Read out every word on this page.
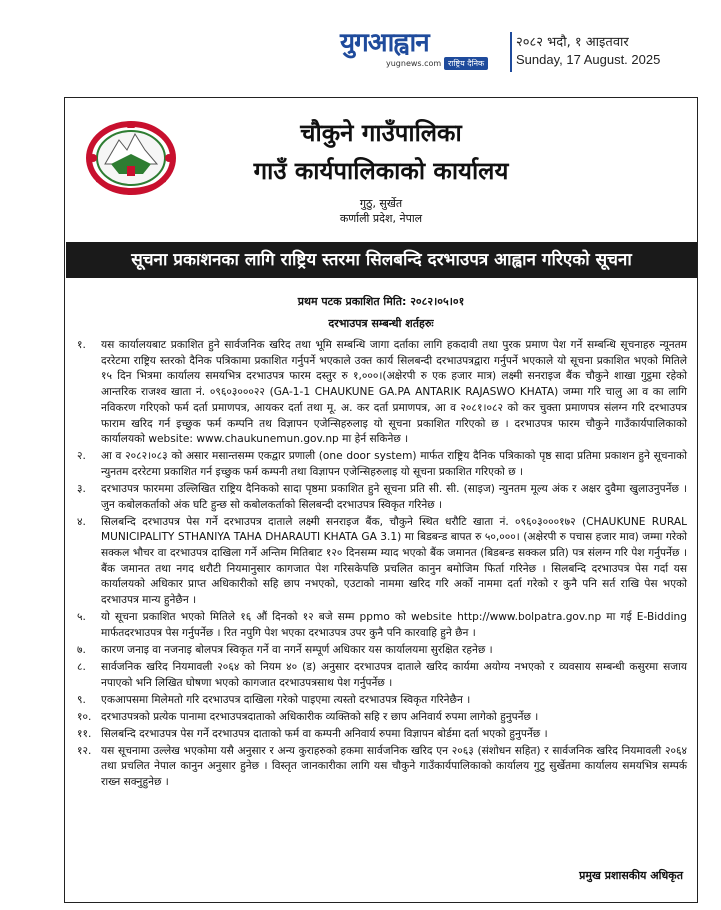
युगआह्वान
yugnews.com राष्ट्रिय दैनिक
२०८२ भदौ, १ आइतवार
Sunday, 17 August. 2025
चौकुने गाउँपालिका
गाउँ कार्यपालिकाको कार्यालय
गुठु, सुर्खेत
कर्णाली प्रदेश, नेपाल
सूचना प्रकाशनका लागि राष्ट्रिय स्तरमा सिलबन्दि दरभाउपत्र आह्वान गरिएको सूचना
प्रथम पटक प्रकाशित मिति: २०८२।०५।०१
दरभाउपत्र सम्बन्धी शर्तहरुः
१.	यस कार्यालयबाट प्रकाशित हुने सार्वजनिक खरिद तथा भूमि सम्बन्धि जागा दर्ताका लागि हकदावी तथा पुरक प्रमाण पेश गर्ने सम्बन्धि सूचनाहरु न्यूनतम दररेटमा राष्ट्रिय स्तरको दैनिक पत्रिकामा प्रकाशित गर्नुपर्ने भएकाले उक्त कार्य सिलबन्दी दरभाउपत्रद्वारा गर्नुपर्ने भएकाले यो सूचना प्रकाशित भएको मितिले १५ दिन भित्रमा कार्यालय समयभित्र दरभाउपत्र फारम दस्तुर रु १,०००।(अक्षेरपी रु एक हजार मात्र) लक्ष्मी सनराइज बैंक चौकुने शाखा गुट्ठमा रहेको आन्तरिक राजश्व खाता नं. ०९६०३०००२२ (GA-1-1 CHAUKUNE GA.PA ANTARIK RAJASWO KHATA) जम्मा गरि चालु आ व का लागि नविकरण गरिएको फर्म दर्ता प्रमाणपत्र, आयकर दर्ता तथा मू. अ. कर दर्ता प्रमाणपत्र, आ व २०८१।०८२ को कर चुक्ता प्रमाणपत्र संलग्न गरि दरभाउपत्र फाराम खरिद गर्न इच्छुक फर्म कम्पनि तथ विज्ञापन एजेन्सिहरुलाइ यो सूचना प्रकाशित गरिएको छ । दरभाउपत्र फारम चौकुने गाउँकार्यपालिकाको कार्यालयको website: www.chaukunemun.gov.np मा हेर्न सकिनेछ ।
२.	आ व २०८२।०८३ को असार मसान्तसम्म एकद्वार प्रणाली (one door system) मार्फत राष्ट्रिय दैनिक पत्रिकाको पृष्ठ सादा प्रतिमा प्रकाशन हुने सूचनाको न्युनतम दररेटमा प्रकाशित गर्न इच्छुक फर्म कम्पनी तथा विज्ञापन एजेन्सिहरुलाइ यो सूचना प्रकाशित गरिएको छ ।
३.	दरभाउपत्र फारममा उल्लिखित राष्ट्रिय दैनिकको सादा पृष्ठमा प्रकाशित हुने सूचना प्रति सी. सी. (साइज) न्युनतम मूल्य अंक र अक्षर दुवैमा खुलाउनुपर्नेछ । जुन कबोलकर्ताको अंक घटि हुन्छ सो कबोलकर्ताको सिलबन्दी दरभाउपत्र स्विकृत गरिनेछ ।
४.	सिलबन्दि दरभाउपत्र पेस गर्ने दरभाउपत्र दाताले लक्ष्मी सनराइज बैंक, चौकुने स्थित धरौटि खाता नं. ०९६०३०००१७२ (CHAUKUNE RURAL MUNICIPALITY STHANIYA TAHA DHARAUTI KHATA GA 3.1) मा बिडबन्ड बापत रु ५०,०००। (अक्षेरपी रु पचास हजार माव) जम्मा गरेको सक्कल भौचर वा दरभाउपत्र दाखिला गर्ने अन्तिम मितिबाट १२० दिनसम्म म्याद भएको बैंक जमानत (बिडबन्ड सक्कल प्रति) पत्र संलग्न गरि पेश गर्नुपर्नेछ । बैंक जमानत तथा नगद धरौटी नियमानुसार कागजात पेश गरिसकेपछि प्रचलित कानुन बमोजिम फिर्ता गरिनेछ । सिलबन्दि दरभाउपत्र पेस गर्दा यस कार्यालयको अधिकार प्राप्त अधिकारीको सहि छाप नभएको, एउटाको नाममा खरिद गरि अर्को नाममा दर्ता गरेको र कुनै पनि सर्त राखि पेस भएको दरभाउपत्र मान्य हुनेछैन ।
५.	यो सूचना प्रकाशित भएको मितिले १६ औं दिनको १२ बजे सम्म ppmo को website http://www.bolpatra.gov.np मा गई E-Bidding मार्फतदरभाउपत्र पेस गर्नुपर्नेछ । रित नपुगि पेश भएका दरभाउपत्र उपर कुनै पनि कारवाहि हुने छैन ।
७.	कारण जनाइ वा नजनाइ बोलपत्र स्विकृत गर्ने वा नगर्ने सम्पूर्ण अधिकार यस कार्यालयमा सुरक्षित रहनेछ ।
८.	सार्वजनिक खरिद नियमावली २०६४ को नियम ४० (ड) अनुसार दरभाउपत्र दाताले खरिद कार्यमा अयोग्य नभएको र व्यवसाय सम्बन्धी कसुरमा सजाय नपाएको भनि लिखित घोषणा भएको कागजात दरभाउपत्रसाथ पेश गर्नुपर्नेछ ।
९.	एकआपसमा मिलेमतो गरि दरभाउपत्र दाखिला गरेको पाइएमा त्यस्तो दरभाउपत्र स्विकृत गरिनेछैन ।
१०. दरभाउपत्रको प्रत्येक पानामा दरभाउपत्रदाताको अधिकारीक व्यक्तिको सहि र छाप अनिवार्य रुपमा लागेको हुनुपर्नेछ ।
११. सिलबन्दि दरभाउपत्र पेस गर्ने दरभाउपत्र दाताको फर्म वा कम्पनी अनिवार्य रुपमा विज्ञापन बोर्डमा दर्ता भएको हुनुपर्नेछ ।
१२. यस सूचनामा उल्लेख भएकोमा यसै अनुसार र अन्य कुराहरुको हकमा सार्वजनिक खरिद एन २०६३ (संशोधन सहित) र सार्वजनिक खरिद नियमावली २०६४ तथा प्रचलित नेपाल कानुन अनुसार हुनेछ । विस्तृत जानकारीका लागि यस चौकुने गाउँकार्यपालिकाको कार्यालय गुटु सुर्खेतमा कार्यालय समयभित्र सम्पर्क राख्न सक्नुहुनेछ ।
प्रमुख प्रशासकीय अधिकृत
